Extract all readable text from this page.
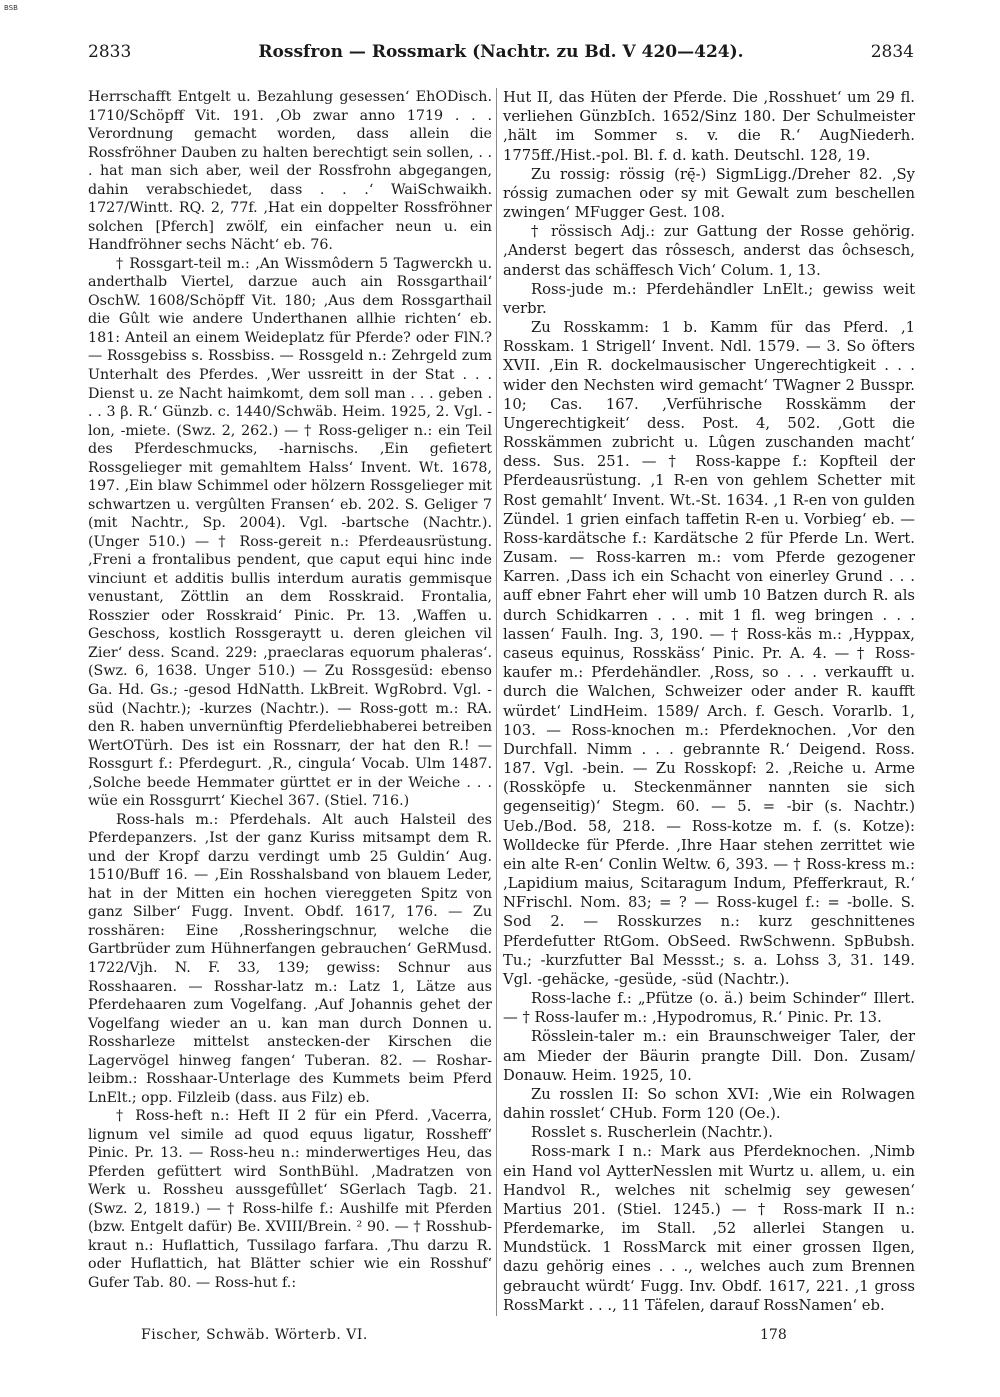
BSB
2833	Rossfron — Rossmark (Nachtr. zu Bd. V 420—424).	2834

Herrschafft Entgelt u. Bezahlung gesessen‘ EhODisch. 1710/Schöpff Vit. 191. ‚Ob zwar anno 1719 . . . Verordnung gemacht worden, dass allein die Rossfröhner Dauben zu halten berechtigt sein sollen, . . . hat man sich aber, weil der Rossfrohn abgegangen, dahin verabschiedet, dass . . .‘ WaiSchwaikh. 1727/Wintt. RQ. 2, 77f. ‚Hat ein doppelter Rossfröhner solchen [Pferch] zwölf, ein einfacher neun u. ein Handfröhner sechs Nächt‘ eb. 76.

† Rossgart-teil m.: ‚An Wissmôdern 5 Tagwerckh u. anderthalb Viertel, darzue auch ain Rossgarthail‘ OschW. 1608/Schöpff Vit. 180; ‚Aus dem Rossgarthail die Gûlt wie andere Underthanen allhie richten‘ eb. 181: Anteil an einem Weideplatz für Pferde? oder FlN.? — Rossgebiss s. Rossbiss. — Rossgeld n.: Zehrgeld zum Unterhalt des Pferdes. ‚Wer ussreitt in der Stat . . . Dienst u. ze Nacht haimkomt, dem soll man . . . geben . . . 3 β. R.‘ Günzb. c. 1440/Schwäb. Heim. 1925, 2. Vgl. -lon, -miete. (Swz. 2, 262.) — † Ross-geliger n.: ein Teil des Pferdeschmucks, -harnischs. ‚Ein gefietert Rossgelieger mit gemahltem Halss‘ Invent. Wt. 1678, 197. ‚Ein blaw Schimmel oder hölzern Rossgelieger mit schwartzen u. vergûlten Fransen‘ eb. 202. S. Geliger 7 (mit Nachtr., Sp. 2004). Vgl. -bartsche (Nachtr.). (Unger 510.) — † Ross-gereit n.: Pferdeausrüstung. ‚Freni a frontalibus pendent, que caput equi hinc inde vinciunt et additis bullis interdum auratis gemmisque venustant, Zöttlin an dem Rosskraid. Frontalia, Rosszier oder Rosskraid‘ Pinic. Pr. 13. ‚Waffen u. Geschoss, kostlich Rossgeraytt u. deren gleichen vil Zier‘ dess. Scand. 229: ‚praeclaras equorum phaleras‘. (Swz. 6, 1638. Unger 510.) — Zu Rossgesüd: ebenso Ga. Hd. Gs.; -gesod HdNatth. LkBreit. WgRobrd. Vgl. -süd (Nachtr.); -kurzes (Nachtr.). — Ross-gott m.: RA. den R. haben unvernünftig Pferdeliebhaberei betreiben WertOTürh. Des ist ein Rossnarr, der hat den R.! — Rossgurt f.: Pferdegurt. ‚R., cingula‘ Vocab. Ulm 1487. ‚Solche beede Hemmater gürttet er in der Weiche . . . wüe ein Rossgurrt‘ Kiechel 367. (Stiel. 716.)

Ross-hals m.: Pferdehals. Alt auch Halsteil des Pferdepanzers. ‚Ist der ganz Kuriss mitsampt dem R. und der Kropf darzu verdingt umb 25 Guldin‘ Aug. 1510/Buff 16. — ‚Ein Rosshalsband von blauem Leder, hat in der Mitten ein hochen viereggeten Spitz von ganz Silber‘ Fugg. Invent. Obdf. 1617, 176. — Zu rosshären: Eine ‚Rossheringschnur, welche die Gartbrüder zum Hühnerfangen gebrauchen‘ GeRMusd. 1722/Vjh. N. F. 33, 139; gewiss: Schnur aus Rosshaaren. — Rosshar-latz m.: Latz 1, Lätze aus Pferdehaaren zum Vogelfang. ‚Auf Johannis gehet der Vogelfang wieder an u. kan man durch Donnen u. Rossharleze mittelst anstecken-der Kirschen die Lagervögel hinweg fangen‘ Tuberan. 82. — Roshar-leibm.: Rosshaar-Unterlage des Kummets beim Pferd LnElt.; opp. Filzleib (dass. aus Filz) eb.

† Ross-heft n.: Heft II 2 für ein Pferd. ‚Vacerra, lignum vel simile ad quod equus ligatur, Rossheff‘ Pinic. Pr. 13. — Ross-heu n.: minderwertiges Heu, das Pferden gefüttert wird SonthBühl. ‚Madratzen von Werk u. Rossheu aussgefûllet‘ SGerlach Tagb. 21. (Swz. 2, 1819.) — † Ross-hilfe f.: Aushilfe mit Pferden (bzw. Entgelt dafür) Be. XVIII/Brein. ² 90. — † Rosshub-kraut n.: Huflattich, Tussilago farfara. ‚Thu darzu R. oder Huflattich, hat Blätter schier wie ein Rosshuf‘ Gufer Tab. 80. — Ross-hut f.:

Hut II, das Hüten der Pferde. Die ‚Rosshuet‘ um 29 fl. verliehen GünzbIch. 1652/Sinz 180. Der Schulmeister ‚hält im Sommer s. v. die R.‘ AugNiederh. 1775ff./Hist.-pol. Bl. f. d. kath. Deutschl. 128, 19.

Zu rossig: rössig (rę̄-) SigmLigg./Dreher 82. ‚Sy róssig zumachen oder sy mit Gewalt zum beschellen zwingen‘ MFugger Gest. 108.

† rössisch Adj.: zur Gattung der Rosse gehörig. ‚Anderst begert das rôssesch, anderst das ôchsesch, anderst das schäffesch Vich‘ Colum. 1, 13.

Ross-jude m.: Pferdehändler LnElt.; gewiss weit verbr.

Zu Rosskamm: 1 b. Kamm für das Pferd. ‚1 Rosskam. 1 Strigell‘ Invent. Ndl. 1579. — 3. So öfters XVII. ‚Ein R. dockelmausischer Ungerechtigkeit . . . wider den Nechsten wird gemacht‘ TWagner 2 Busspr. 10; Cas. 167. ‚Verführische Rosskämm der Ungerechtigkeit‘ dess. Post. 4, 502. ‚Gott die Rosskämmen zubricht u. Lûgen zuschanden macht‘ dess. Sus. 251. — † Ross-kappe f.: Kopfteil der Pferdeausrüstung. ‚1 R-en von gehlem Schetter mit Rost gemahlt‘ Invent. Wt.-St. 1634. ‚1 R-en von gulden Zündel. 1 grien einfach taffetin R-en u. Vorbieg‘ eb. — Ross-kardätsche f.: Kardätsche 2 für Pferde Ln. Wert. Zusam. — Ross-karren m.: vom Pferde gezogener Karren. ‚Dass ich ein Schacht von einerley Grund . . . auff ebner Fahrt eher will umb 10 Batzen durch R. als durch Schidkarren . . . mit 1 fl. weg bringen . . . lassen‘ Faulh. Ing. 3, 190. — † Ross-käs m.: ‚Hyppax, caseus equinus, Rosskäss‘ Pinic. Pr. A. 4. — † Ross-kaufer m.: Pferdehändler. ‚Ross, so . . . verkaufft u. durch die Walchen, Schweizer oder ander R. kaufft würdet‘ LindHeim. 1589/ Arch. f. Gesch. Vorarlb. 1, 103. — Ross-knochen m.: Pferdeknochen. ‚Vor den Durchfall. Nimm . . . gebrannte R.‘ Deigend. Ross. 187. Vgl. -bein. — Zu Rosskopf: 2. ‚Reiche u. Arme (Rossköpfe u. Steckenmänner nannten sie sich gegenseitig)‘ Stegm. 60. — 5. = -bir (s. Nachtr.) Ueb./Bod. 58, 218. — Ross-kotze m. f. (s. Kotze): Wolldecke für Pferde. ‚Ihre Haar stehen zerrittet wie ein alte R-en‘ Conlin Weltw. 6, 393. — † Ross-kress m.: ‚Lapidium maius, Scitaragum Indum, Pfefferkraut, R.‘ NFrischl. Nom. 83; = ? — Ross-kugel f.: = -bolle. S. Sod 2. — Rosskurzes n.: kurz geschnittenes Pferdefutter RtGom. ObSeed. RwSchwenn. SpBubsh. Tu.; -kurzfutter Bal Messst.; s. a. Lohss 3, 31. 149. Vgl. -gehäcke, -gesüde, -süd (Nachtr.).

Ross-lache f.: „Pfütze (o. ä.) beim Schinder“ Illert. — † Ross-laufer m.: ‚Hypodromus, R.‘ Pinic. Pr. 13.

Rösslein-taler m.: ein Braunschweiger Taler, der am Mieder der Bäurin prangte Dill. Don. Zusam/ Donauw. Heim. 1925, 10.

Zu rosslen II: So schon XVI: ‚Wie ein Rolwagen dahin rosslet‘ CHub. Form 120 (Oe.).

Rosslet s. Ruscherlein (Nachtr.).

Ross-mark I n.: Mark aus Pferdeknochen. ‚Nimb ein Hand vol AytterNesslen mit Wurtz u. allem, u. ein Handvol R., welches nit schelmig sey gewesen‘ Martius 201. (Stiel. 1245.) — † Ross-mark II n.: Pferdemarke, im Stall. ‚52 allerlei Stangen u. Mundstück. 1 RossMarck mit einer grossen Ilgen, dazu gehörig eines . . ., welches auch zum Brennen gebraucht würdt‘ Fugg. Inv. Obdf. 1617, 221. ‚1 gross RossMarkt . . ., 11 Täfelen, darauf RossNamen‘ eb.

Fischer, Schwäb. Wörterb. VI.	178
